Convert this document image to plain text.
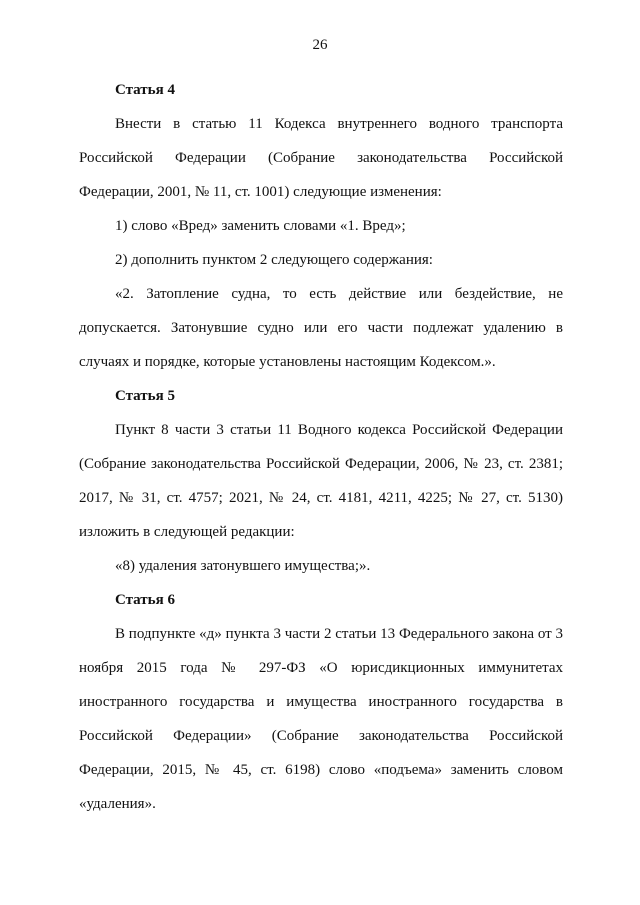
26
Статья 4

Внести в статью 11 Кодекса внутреннего водного транспорта Российской Федерации (Собрание законодательства Российской Федерации, 2001, № 11, ст. 1001) следующие изменения:

1) слово «Вред» заменить словами «1. Вред»;

2) дополнить пунктом 2 следующего содержания:

«2. Затопление судна, то есть действие или бездействие, не допускается. Затонувшие судно или его части подлежат удалению в случаях и порядке, которые установлены настоящим Кодексом.».

Статья 5

Пункт 8 части 3 статьи 11 Водного кодекса Российской Федерации (Собрание законодательства Российской Федерации, 2006, № 23, ст. 2381; 2017, № 31, ст. 4757; 2021, № 24, ст. 4181, 4211, 4225; № 27, ст. 5130) изложить в следующей редакции:

«8) удаления затонувшего имущества;».

Статья 6

В подпункте «д» пункта 3 части 2 статьи 13 Федерального закона от 3 ноября 2015 года № 297-ФЗ «О юрисдикционных иммунитетах иностранного государства и имущества иностранного государства в Российской Федерации» (Собрание законодательства Российской Федерации, 2015, № 45, ст. 6198) слово «подъема» заменить словом «удаления».
